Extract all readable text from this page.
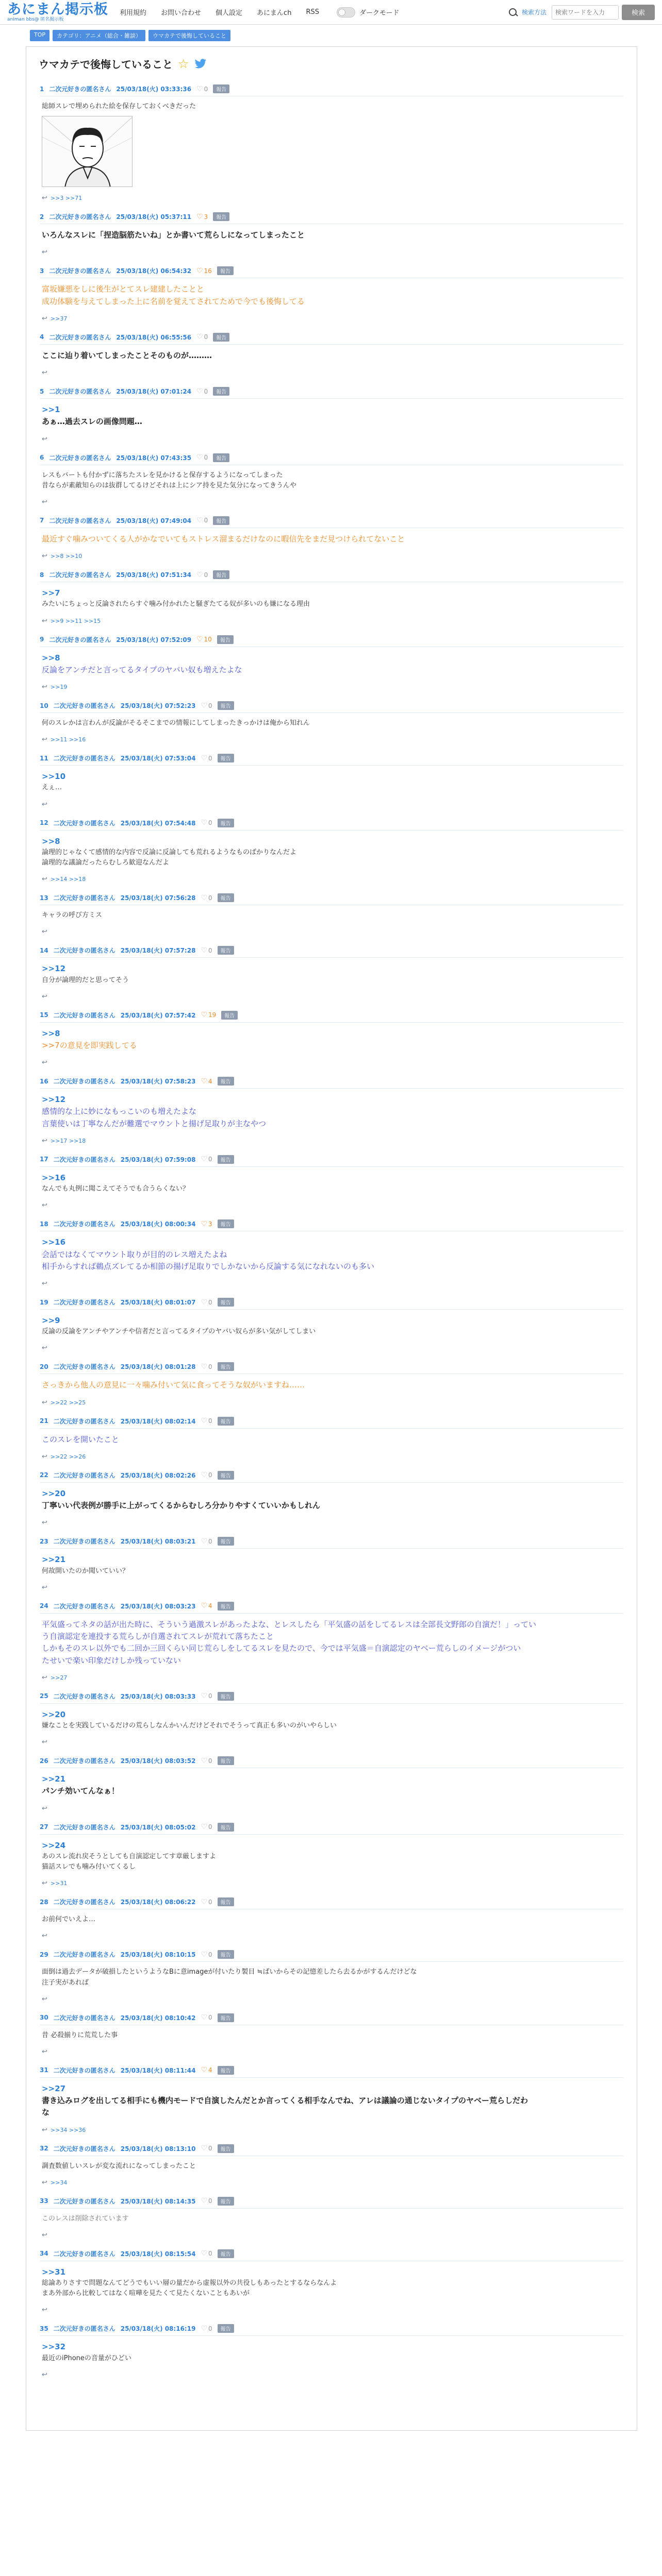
あにまん掲示板
animan bbs@ 匿名掲示板
利用規約 お問い合わせ 個人設定 あにまんch RSS	ダークモード	検索方法
検索ワードを入力	検索
TOP	カテゴリ：アニメ（総合・雑談）	ウマカテで後悔していること
ウマカテで後悔していること ☆
1 二次元好きの匿名さん 25/03/18(火) 03:33:36 ♡ 0	報告
総師スレで埋められた絵を保存しておくべきだった
↩ >>3 >>71
2 二次元好きの匿名さん 25/03/18(火) 05:37:11 ♡ 3	報告
いろんなスレに「捏造脳筋たいね」とか書いて荒らしになってしまったこと
↩
3 二次元好きの匿名さん 25/03/18(火) 06:54:32 ♡ 16	報告
富坂嫌悪をしに後生がとてスレ建建したことと
成功体験を与えてしまった上に名前を覚えてされてためで今でも後悔してる
↩ >>37
4 二次元好きの匿名さん 25/03/18(火) 06:55:56 ♡ 0	報告
ここに辿り着いてしまったことそのものが………
↩
5 二次元好きの匿名さん 25/03/18(火) 07:01:24 ♡ 0	報告
>>1
あぁ…過去スレの画像問題…
↩
6 二次元好きの匿名さん 25/03/18(火) 07:43:35 ♡ 0	報告
レスもバートも付かずに落ちたスレを見かけると保存するようになってしまった
昔ならが素敵知らのは抜群してるけどそれは上にシア持を見た気分になってきうんや
↩
7 二次元好きの匿名さん 25/03/18(火) 07:49:04 ♡ 0	報告
最近すぐ噛みついてくる人がかなでいてもストレス溜まるだけなのに暇信先をまだ見つけられてないこと
↩ >>8 >>10
8 二次元好きの匿名さん 25/03/18(火) 07:51:34 ♡ 0	報告
>>7
みたいにちょっと反論されたらすぐ噛み付かれたと騒ぎたてる奴が多いのも嫌になる理由
↩ >>9 >>11 >>15
9 二次元好きの匿名さん 25/03/18(火) 07:52:09 ♡ 10	報告
>>8
反論をアンチだと言ってるタイプのヤバい奴も増えたよな
↩ >>19
10 二次元好きの匿名さん 25/03/18(火) 07:52:23 ♡ 0	報告
何のスレかは言わんが反論がそるそこまでの情報にしてしまったきっかけは俺から知れん
↩ >>11 >>16
11 二次元好きの匿名さん 25/03/18(火) 07:53:04 ♡ 0	報告
>>10
えぇ…
↩
12 二次元好きの匿名さん 25/03/18(火) 07:54:48 ♡ 0	報告
>>8
論理的じゃなくて感情的な内容で反論に反論しても荒れるようなものばかりなんだよ
論理的な議論だったらむしろ歓迎なんだよ
↩ >>14 >>18
13 二次元好きの匿名さん 25/03/18(火) 07:56:28 ♡ 0	報告
キャラの呼び方ミス
↩
14 二次元好きの匿名さん 25/03/18(火) 07:57:28 ♡ 0	報告
>>12
自分が論理的だと思ってそう
↩
15 二次元好きの匿名さん 25/03/18(火) 07:57:42 ♡ 19	報告
>>8
>>7の意見を即実践してる
↩
16 二次元好きの匿名さん 25/03/18(火) 07:58:23 ♡ 4	報告
>>12
感情的な上に妙になもっこいのも増えたよな
言葉使いは丁寧なんだが難選でマウントと揚げ足取りが主なやつ
↩ >>17 >>18
17 二次元好きの匿名さん 25/03/18(火) 07:59:08 ♡ 0	報告
>>16
なんでも丸例に聞こえてそうでも合うらくない？
↩
18 二次元好きの匿名さん 25/03/18(火) 08:00:34 ♡ 3	報告
>>16
会話ではなくてマウント取りが目的のレス増えたよね
相手からすれば鵜点ズレてるか相節の揚げ足取りでしかないから反論する気になれないのも多い
↩
19 二次元好きの匿名さん 25/03/18(火) 08:01:07 ♡ 0	報告
>>9
反論の反論をアンチやアンチや信者だと言ってるタイプのヤバい奴らが多い気がしてしまい
↩
20 二次元好きの匿名さん 25/03/18(火) 08:01:28 ♡ 0	報告
さっきから他人の意見に一々噛み付いて気に食ってそうな奴がいますね……
↩ >>22 >>25
21 二次元好きの匿名さん 25/03/18(火) 08:02:14 ♡ 0	報告
このスレを開いたこと
↩ >>22 >>26
22 二次元好きの匿名さん 25/03/18(火) 08:02:26 ♡ 0	報告
>>20
丁寧いい代表例が勝手に上がってくるからむしろ分かりやすくていいかもしれん
↩
23 二次元好きの匿名さん 25/03/18(火) 08:03:21 ♡ 0	報告
>>21
何故開いたのか聞いていい？
↩
24 二次元好きの匿名さん 25/03/18(火) 08:03:23 ♡ 4	報告
平気盛ってネタの話が出た時に、そういう過激スレがあったよな、とレスしたら「平気盛の話をしてるレスは全部長文野郎の自演だ！」ってい
う自演認定を連投する荒らしが自選されてスレが荒れて落ちたこと
しかもそのスレ以外でも二回か三回くらい同じ荒らしをしてるスレを見たので、今では平気盛＝自演認定のヤベー荒らしのイメージがつい
たせいで楽い印象だけしか残っていない
↩ >>27
25 二次元好きの匿名さん 25/03/18(火) 08:03:33 ♡ 0	報告
>>20
嫌なことを実践しているだけの荒らしなんかいんだけどそれでそうって真正も多いのがいやらしい
↩
26 二次元好きの匿名さん 25/03/18(火) 08:03:52 ♡ 0	報告
>>21
パンチ効いてんなぁ！
↩
27 二次元好きの匿名さん 25/03/18(火) 08:05:02 ♡ 0	報告
>>24
あのスレ流れ戻そうとしても自演認定してす章厳しますよ
猫話スレでも噛み付いてくるし
↩ >>31
28 二次元好きの匿名さん 25/03/18(火) 08:06:22 ♡ 0	報告
お前何でいえよ…
↩
29 二次元好きの匿名さん 25/03/18(火) 08:10:15 ♡ 0	報告
面倒は過去データが破損したというようなBに意imageが付いたり製目 ≒ばいからその記憶差したら去るかがするんだけどな
注子実があれば
↩
30 二次元好きの匿名さん 25/03/18(火) 08:10:42 ♡ 0	報告
昔 必殺揃りに荒荒した事
↩
31 二次元好きの匿名さん 25/03/18(火) 08:11:44 ♡ 4	報告
>>27
書き込みログを出してる相手にも機内モードで自演したんだとか言ってくる相手なんでね、アレは議論の通じないタイプのヤベー荒らしだわ
な
↩ >>34 >>36
32 二次元好きの匿名さん 25/03/18(火) 08:13:10 ♡ 0	報告
調査数値しいスレが変な流れになってしまったこと
↩ >>34
33 二次元好きの匿名さん 25/03/18(火) 08:14:35 ♡ 0	報告
このレスは削除されています
↩
34 二次元好きの匿名さん 25/03/18(火) 08:15:54 ♡ 0	報告
>>31
総論ありさすで問題なんてどうでもいい層の量だから虚報以外の共役しもあったとするならなんよ
まあ外部から比較してはなく喧嘩を見たくて見たくないこともあいが
↩
35 二次元好きの匿名さん 25/03/18(火) 08:16:19 ♡ 0	報告
>>32
最近のiPhoneの音量がひどい
↩
